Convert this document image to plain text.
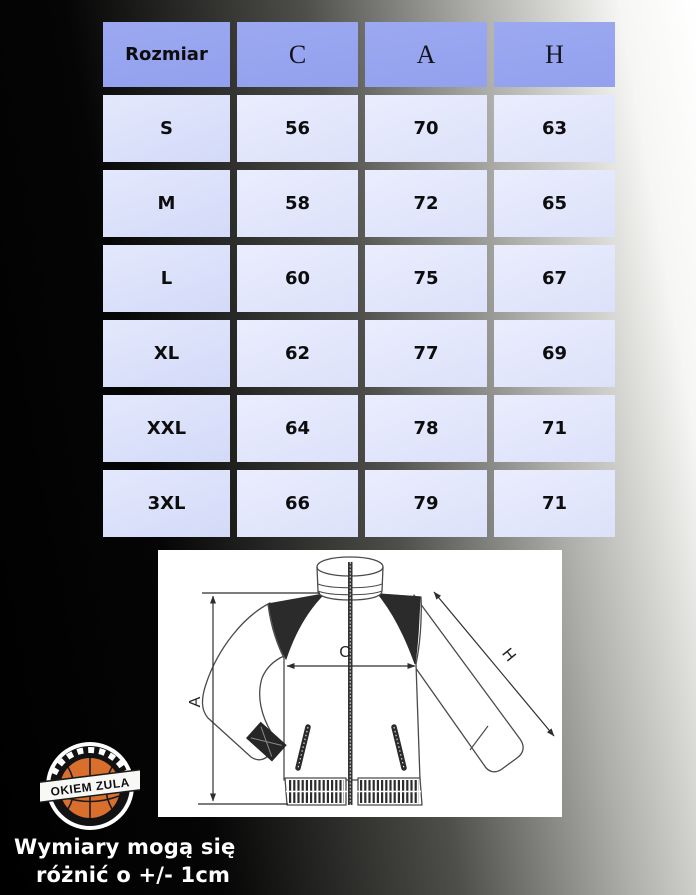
Rozmiar	C	A	H
S	56	70	63
M	58	72	65
L	60	75	67
XL	62	77	69
XXL	64	78	71
3XL	66	79	71
A
C	H
OKIEM ZULA
Wymiary mogą się
różnić o +/- 1cm
